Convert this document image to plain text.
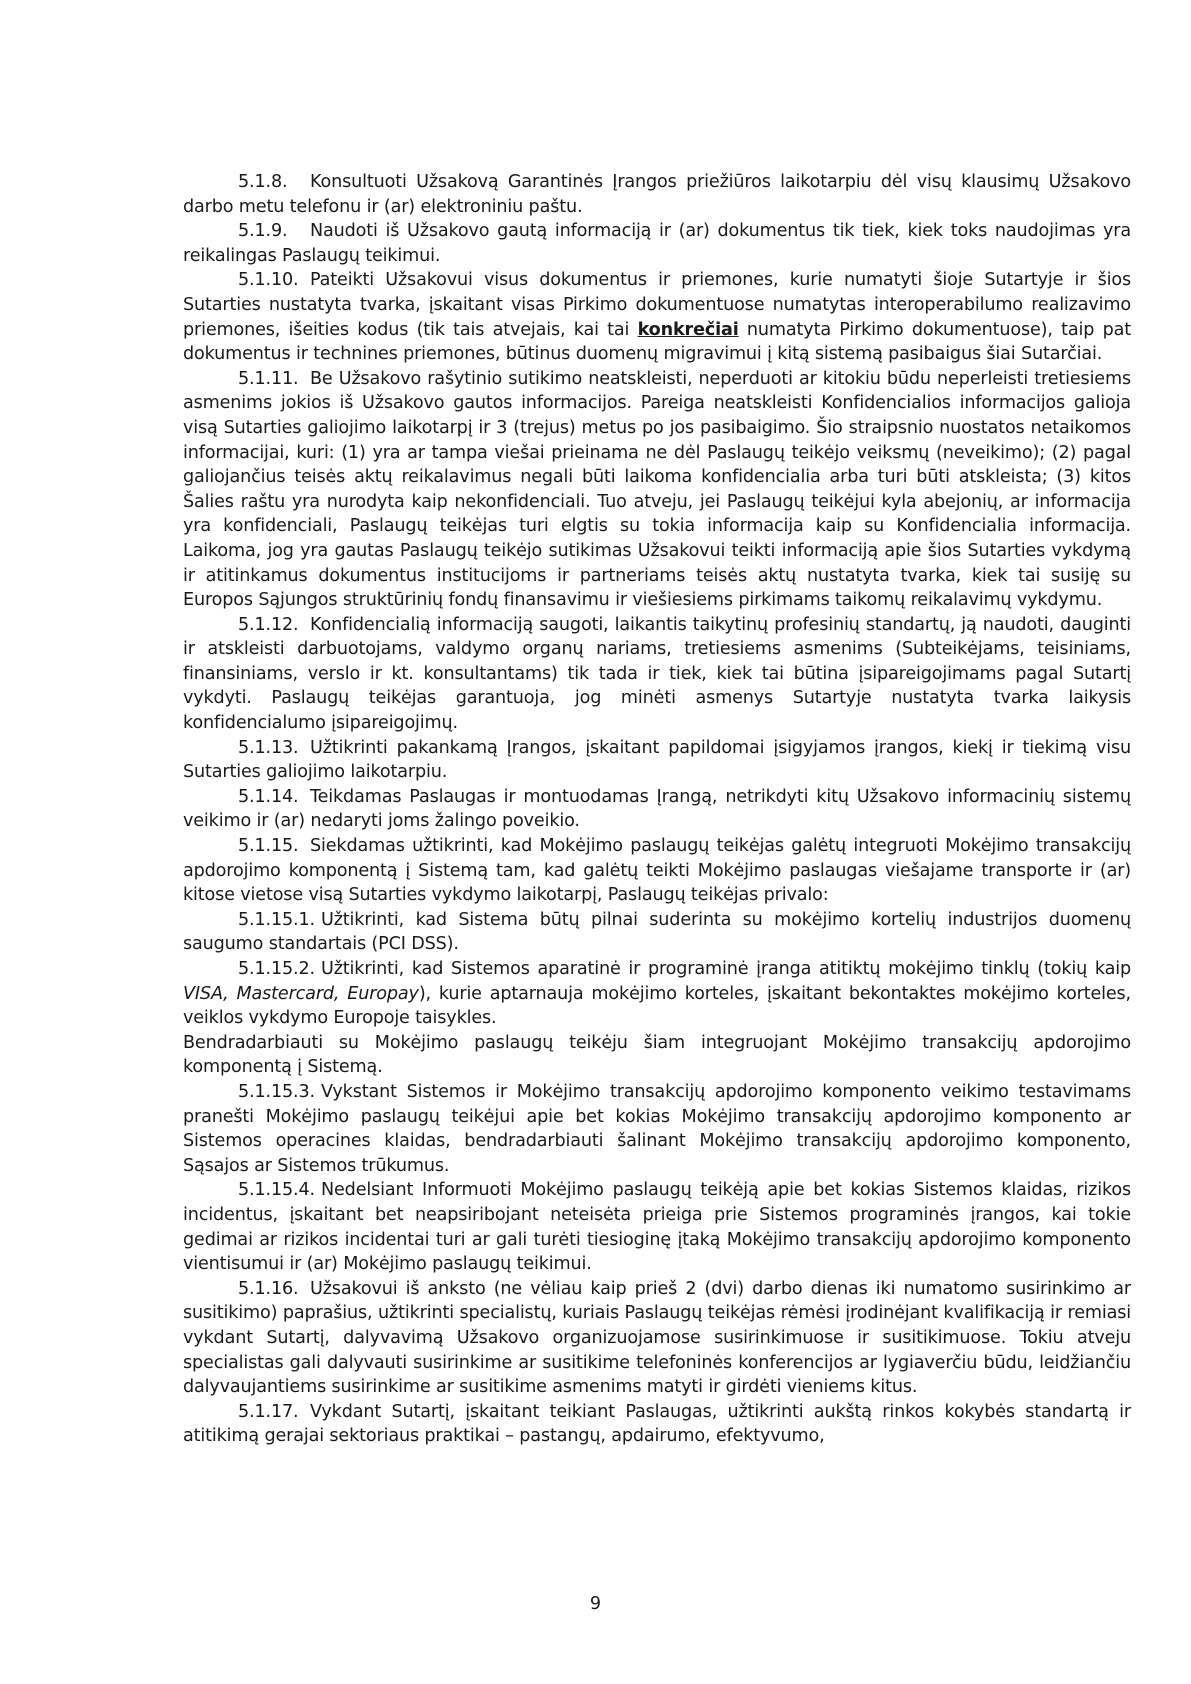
5.1.8. Konsultuoti Užsakovą Garantinės Įrangos priežiūros laikotarpiu dėl visų klausimų Užsakovo darbo metu telefonu ir (ar) elektroniniu paštu.

5.1.9. Naudoti iš Užsakovo gautą informaciją ir (ar) dokumentus tik tiek, kiek toks naudojimas yra reikalingas Paslaugų teikimui.

5.1.10. Pateikti Užsakovui visus dokumentus ir priemones, kurie numatyti šioje Sutartyje ir šios Sutarties nustatyta tvarka, įskaitant visas Pirkimo dokumentuose numatytas interoperabilumo realizavimo priemones, išeities kodus (tik tais atvejais, kai tai konkrečiai numatyta Pirkimo dokumentuose), taip pat dokumentus ir technines priemones, būtinus duomenų migravimui į kitą sistemą pasibaigus šiai Sutarčiai.

5.1.11. Be Užsakovo rašytinio sutikimo neatskleisti, neperduoti ar kitokiu būdu neperleisti tretiesiems asmenims jokios iš Užsakovo gautos informacijos. Pareiga neatskleisti Konfidencialios informacijos galioja visą Sutarties galiojimo laikotarpį ir 3 (trejus) metus po jos pasibaigimo. Šio straipsnio nuostatos netaikomos informacijai, kuri: (1) yra ar tampa viešai prieinama ne dėl Paslaugų teikėjo veiksmų (neveikimo); (2) pagal galiojančius teisės aktų reikalavimus negali būti laikoma konfidencialia arba turi būti atskleista; (3) kitos Šalies raštu yra nurodyta kaip nekonfidenciali. Tuo atveju, jei Paslaugų teikėjui kyla abejonių, ar informacija yra konfidenciali, Paslaugų teikėjas turi elgtis su tokia informacija kaip su Konfidencialia informacija. Laikoma, jog yra gautas Paslaugų teikėjo sutikimas Užsakovui teikti informaciją apie šios Sutarties vykdymą ir atitinkamus dokumentus institucijoms ir partneriams teisės aktų nustatyta tvarka, kiek tai susiję su Europos Sąjungos struktūrinių fondų finansavimu ir viešiesiems pirkimams taikomų reikalavimų vykdymu.

5.1.12. Konfidencialią informaciją saugoti, laikantis taikytinų profesinių standartų, ją naudoti, dauginti ir atskleisti darbuotojams, valdymo organų nariams, tretiesiems asmenims (Subteikėjams, teisiniams, finansiniams, verslo ir kt. konsultantams) tik tada ir tiek, kiek tai būtina įsipareigojimams pagal Sutartį vykdyti. Paslaugų teikėjas garantuoja, jog minėti asmenys Sutartyje nustatyta tvarka laikysis konfidencialumo įsipareigojimų.

5.1.13. Užtikrinti pakankamą Įrangos, įskaitant papildomai įsigyjamos įrangos, kiekį ir tiekimą visu Sutarties galiojimo laikotarpiu.

5.1.14. Teikdamas Paslaugas ir montuodamas Įrangą, netrikdyti kitų Užsakovo informacinių sistemų veikimo ir (ar) nedaryti joms žalingo poveikio.

5.1.15. Siekdamas užtikrinti, kad Mokėjimo paslaugų teikėjas galėtų integruoti Mokėjimo transakcijų apdorojimo komponentą į Sistemą tam, kad galėtų teikti Mokėjimo paslaugas viešajame transporte ir (ar) kitose vietose visą Sutarties vykdymo laikotarpį, Paslaugų teikėjas privalo:

5.1.15.1. Užtikrinti, kad Sistema būtų pilnai suderinta su mokėjimo kortelių industrijos duomenų saugumo standartais (PCI DSS).

5.1.15.2. Užtikrinti, kad Sistemos aparatinė ir programinė įranga atitiktų mokėjimo tinklų (tokių kaip VISA, Mastercard, Europay), kurie aptarnauja mokėjimo korteles, įskaitant bekontaktes mokėjimo korteles, veiklos vykdymo Europoje taisykles.

Bendradarbiauti su Mokėjimo paslaugų teikėju šiam integruojant Mokėjimo transakcijų apdorojimo komponentą į Sistemą.

5.1.15.3. Vykstant Sistemos ir Mokėjimo transakcijų apdorojimo komponento veikimo testavimams pranešti Mokėjimo paslaugų teikėjui apie bet kokias Mokėjimo transakcijų apdorojimo komponento ar Sistemos operacines klaidas, bendradarbiauti šalinant Mokėjimo transakcijų apdorojimo komponento, Sąsajos ar Sistemos trūkumus.

5.1.15.4. Nedelsiant Informuoti Mokėjimo paslaugų teikėją apie bet kokias Sistemos klaidas, rizikos incidentus, įskaitant bet neapsiribojant neteisėta prieiga prie Sistemos programinės įrangos, kai tokie gedimai ar rizikos incidentai turi ar gali turėti tiesioginę įtaką Mokėjimo transakcijų apdorojimo komponento vientisumui ir (ar) Mokėjimo paslaugų teikimui.

5.1.16. Užsakovui iš anksto (ne vėliau kaip prieš 2 (dvi) darbo dienas iki numatomo susirinkimo ar susitikimo) paprašius, užtikrinti specialistų, kuriais Paslaugų teikėjas rėmėsi įrodinėjant kvalifikaciją ir remiasi vykdant Sutartį, dalyvavimą Užsakovo organizuojamose susirinkimuose ir susitikimuose. Tokiu atveju specialistas gali dalyvauti susirinkime ar susitikime telefoninės konferencijos ar lygiaverčiu būdu, leidžiančiu dalyvaujantiems susirinkime ar susitikime asmenims matyti ir girdėti vieniems kitus.

5.1.17. Vykdant Sutartį, įskaitant teikiant Paslaugas, užtikrinti aukštą rinkos kokybės standartą ir atitikimą gerajai sektoriaus praktikai – pastangų, apdairumo, efektyvumo,

9
